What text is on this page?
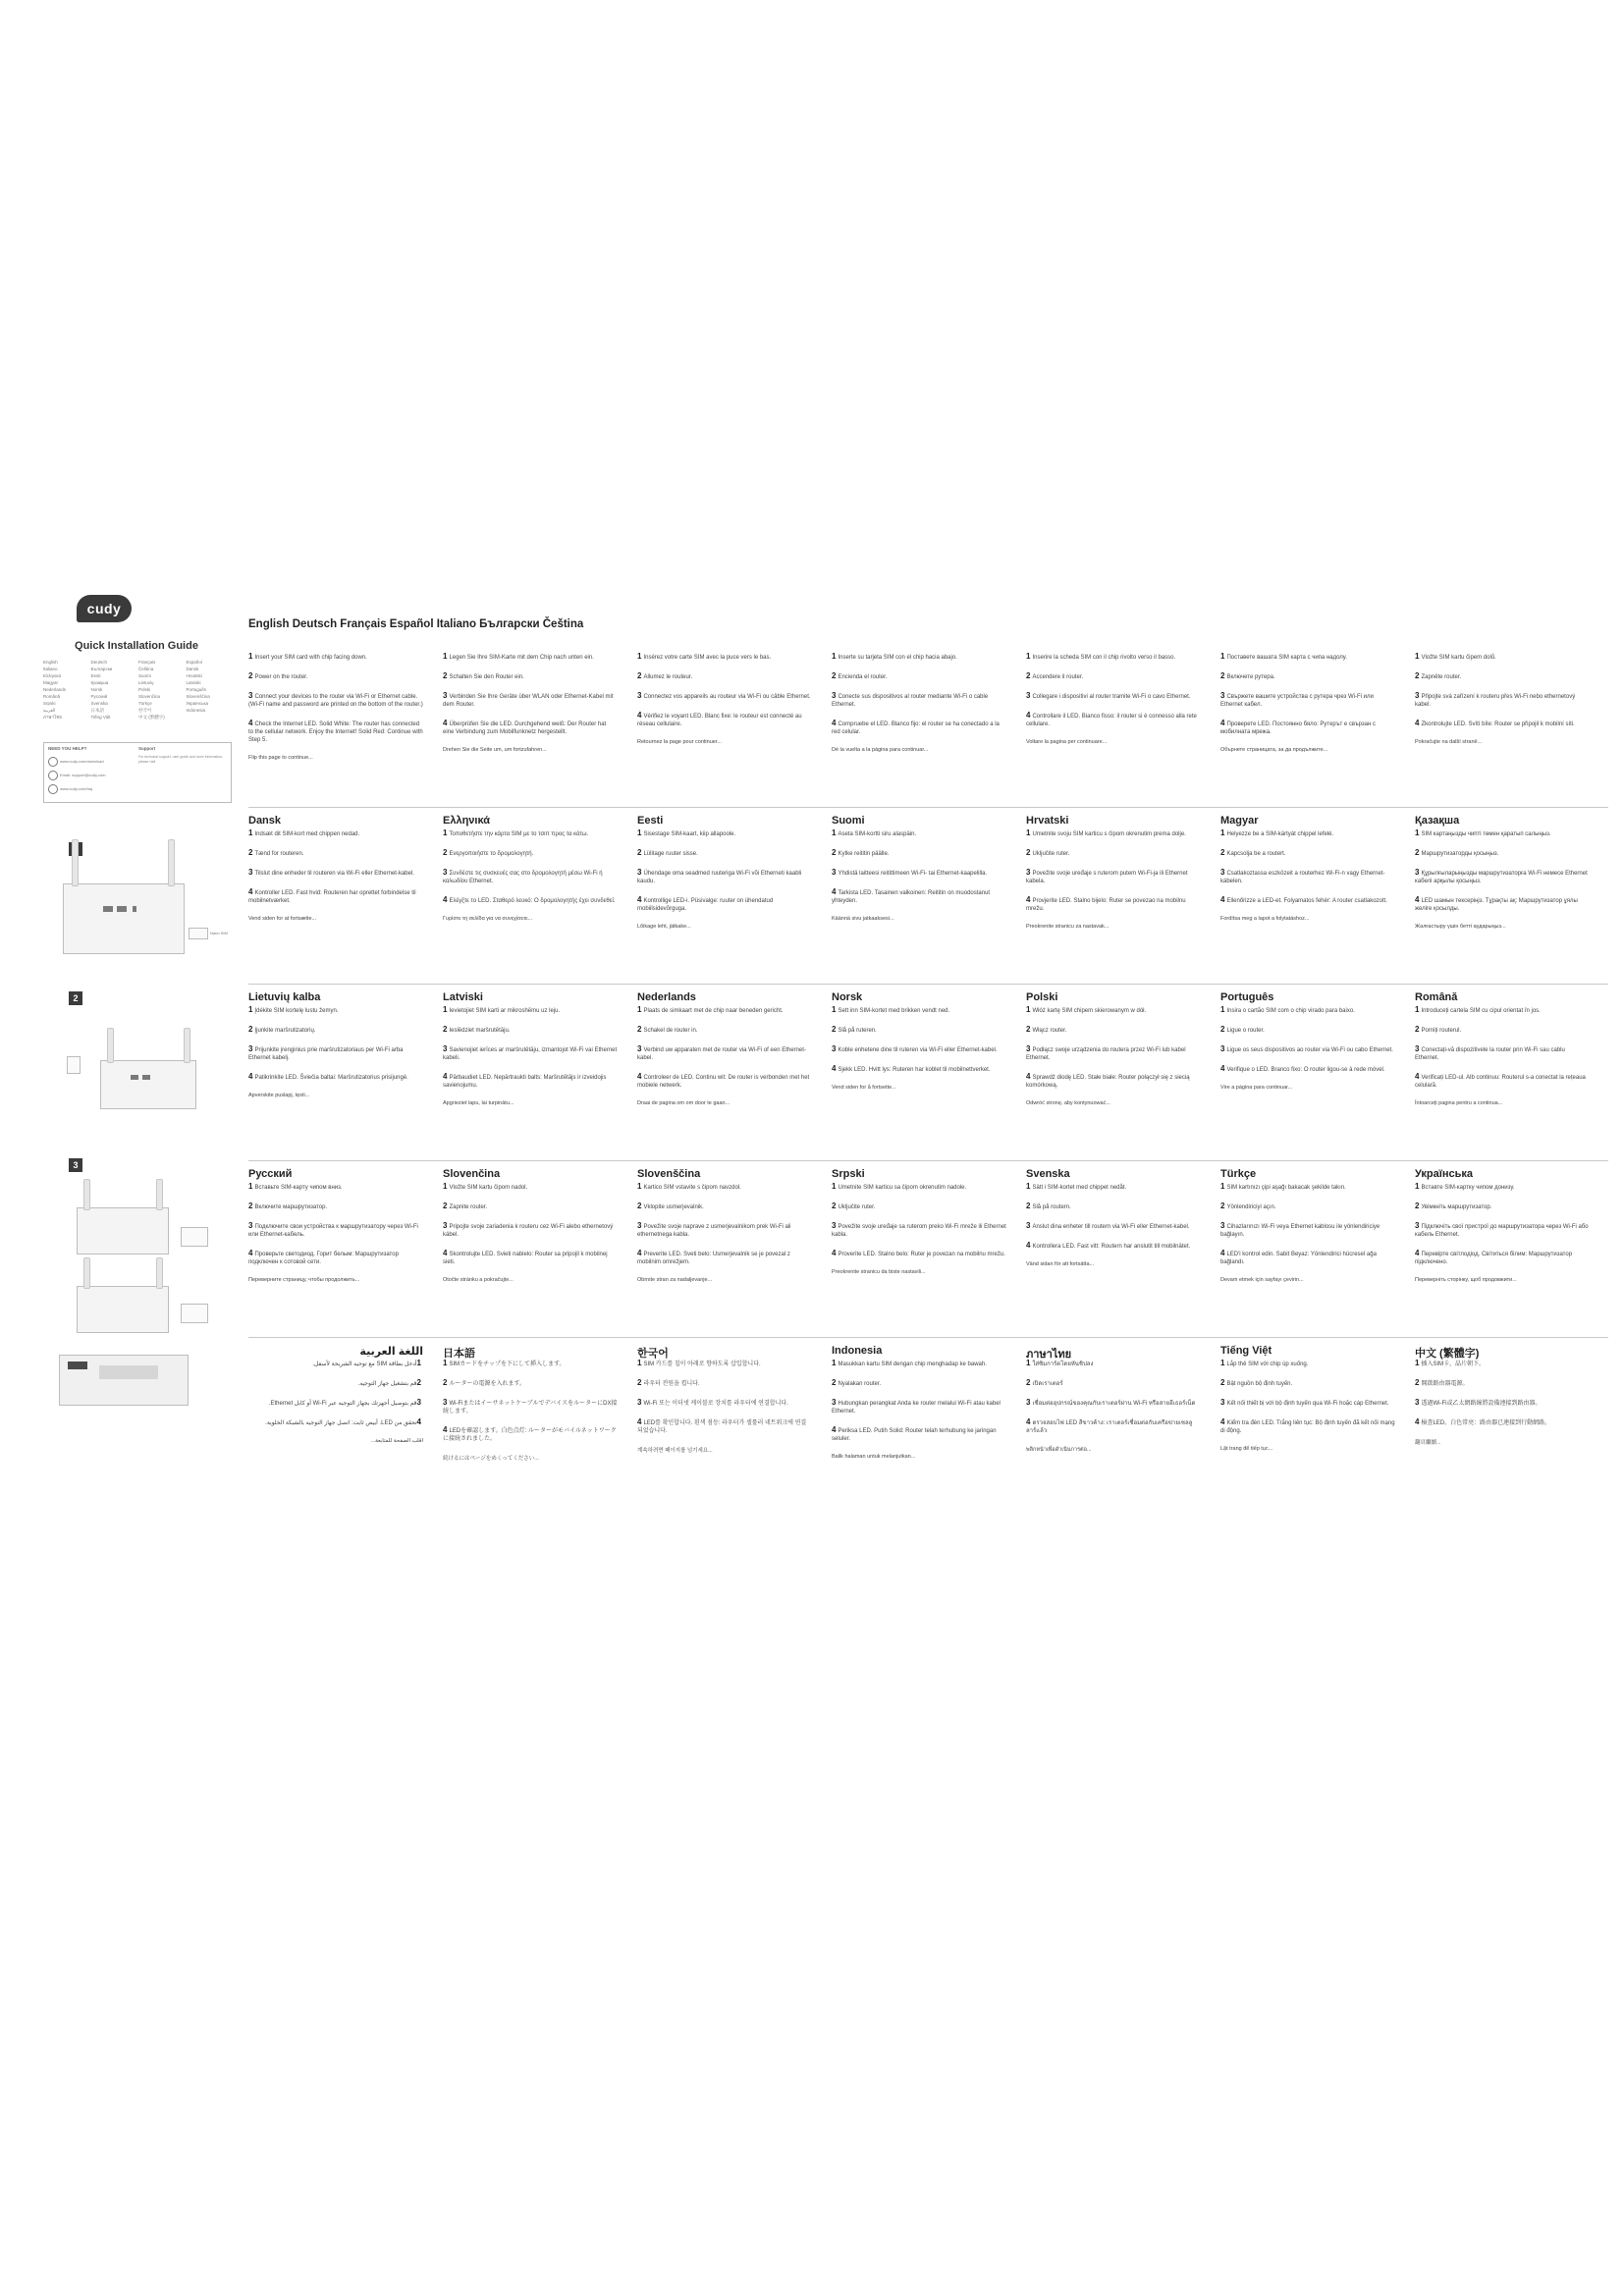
cudy
Quick Installation Guide
English	Deutsch	Français	Español
Italiano	Български	Čeština	Dansk
Ελληνικά	Eesti	Suomi	Hrvatski
Magyar	Қазақша	Lietuvių	Latviski
Nederlands	Norsk	Polski	Português
Română	Русский	Slovenčina	Slovenščina
Srpski	Svenska	Türkçe	Українська
العربية	日本語	한국어	Indonesia
ภาษาไทย	Tiếng Việt	中文 (繁體字)
NEED YOU HELP?	Support
www.cudy.com/download
Email: support@cudy.com
www.cudy.com/faq
For technical support, user guide and more information, please visit
Nano SIM
2
3
English Deutsch Français Español Italiano Български Čeština
1 Insert your SIM card with chip facing down.
2 Power on the router.
3 Connect your devices to the router via Wi-Fi or Ethernet cable. (Wi-Fi name and password are printed on the bottom of the router.)
4 Check the Internet LED. Solid White: The router has connected to the cellular network. Enjoy the Internet! Solid Red: Continue with Step 5.
Flip this page to continue...
1 Legen Sie Ihre SIM-Karte mit dem Chip nach unten ein.
2 Schalten Sie den Router ein.
3 Verbinden Sie Ihre Geräte über WLAN oder Ethernet-Kabel mit dem Router.
4 Überprüfen Sie die LED. Durchgehend weiß: Der Router hat eine Verbindung zum Mobilfunknetz hergestellt.
Drehen Sie die Seite um, um fortzufahren...
1 Insérez votre carte SIM avec la puce vers le bas.
2 Allumez le routeur.
3 Connectez vos appareils au routeur via Wi-Fi ou câble Ethernet.
4 Vérifiez le voyant LED. Blanc fixe: le routeur est connecté au réseau cellulaire.
Retournez la page pour continuer...
1 Inserte su tarjeta SIM con el chip hacia abajo.
2 Encienda el router.
3 Conecte sus dispositivos al router mediante Wi-Fi o cable Ethernet.
4 Compruebe el LED. Blanco fijo: el router se ha conectado a la red celular.
Dé la vuelta a la página para continuar...
1 Inserire la scheda SIM con il chip rivolto verso il basso.
2 Accendere il router.
3 Collegare i dispositivi al router tramite Wi-Fi o cavo Ethernet.
4 Controllare il LED. Bianco fisso: il router si è connesso alla rete cellulare.
Voltare la pagina per continuare...
1 Поставете вашата SIM карта с чипа надолу.
2 Включете рутера.
3 Свържете вашите устройства с рутера чрез Wi-Fi или Ethernet кабел.
4 Проверете LED. Постоянно бяло: Рутерът е свързан с мобилната мрежа.
Обърнете страницата, за да продължите...
1 Vložte SIM kartu čipem dolů.
2 Zapněte router.
3 Připojte svá zařízení k routeru přes Wi-Fi nebo ethernetový kabel.
4 Zkontrolujte LED. Svítí bíle: Router se připojil k mobilní síti.
Pokračujte na další straně...
Dansk
1 Indsæt dit SIM-kort med chippen nedad.
2 Tænd for routeren.
3 Tilslut dine enheder til routeren via Wi-Fi eller Ethernet-kabel.
4 Kontroller LED. Fast hvid: Routeren har oprettet forbindelse til mobilnetværket.
Vend siden for at fortsætte...
Ελληνικά
1 Τοποθετήστε την κάρτα SIM με το τσιπ προς τα κάτω.
2 Ενεργοποιήστε το δρομολογητή.
3 Συνδέστε τις συσκευές σας στο δρομολογητή μέσω Wi-Fi ή καλωδίου Ethernet.
4 Ελέγξτε το LED. Σταθερό λευκό: Ο δρομολογητής έχει συνδεθεί.
Γυρίστε τη σελίδα για να συνεχίσετε...
Eesti
1 Sisestage SIM-kaart, kiip allapoole.
2 Lülitage ruuter sisse.
3 Ühendage oma seadmed ruuteriga Wi-Fi või Etherneti kaabli kaudu.
4 Kontrollige LED-i. Püsivalge: ruuter on ühendatud mobiilsidevõrguga.
Lõikage leht, jätkake...
Suomi
1 Aseta SIM-kortti siru alaspäin.
2 Kytke reititin päälle.
3 Yhdistä laitteesi reitittimeen Wi-Fi- tai Ethernet-kaapelilla.
4 Tarkista LED. Tasainen valkoinen: Reititin on muodostanut yhteyden.
Käännä sivu jatkaaksesi...
Hrvatski
1 Umetnite svoju SIM karticu s čipom okrenutim prema dolje.
2 Uključite ruter.
3 Povežite svoje uređaje s ruterom putem Wi-Fi-ja ili Ethernet kabela.
4 Provjerite LED. Stalno bijelo: Ruter se povezao na mobilnu mrežu.
Preokrenite stranicu za nastavak...
Magyar
1 Helyezze be a SIM-kártyát chippel lefelé.
2 Kapcsolja be a routert.
3 Csatlakoztassa eszközeit a routerhez Wi-Fi-n vagy Ethernet-kábelen.
4 Ellenőrizze a LED-et. Folyamatos fehér: A router csatlakozott.
Fordítsa meg a lapot a folytatáshoz...
Қазақша
1 SIM картаңызды чипті төмен қаратып салыңыз.
2 Маршрутизаторды қосыңыз.
3 Құрылғыларыңызды маршрутизаторға Wi-Fi немесе Ethernet кабелі арқылы қосыңыз.
4 LED шамын тексеріңіз. Тұрақты ақ: Маршрутизатор ұялы желіге қосылды.
Жалғастыру үшін бетті аударыңыз...
Lietuvių kalba
1 Įdėkite SIM kortelę lustu žemyn.
2 Įjunkite maršrutizatorių.
3 Prijunkite įrenginius prie maršrutizatoriaus per Wi-Fi arba Ethernet kabelį.
4 Patikrinkite LED. Šviečia baltai: Maršrutizatorius prisijungė.
Apverskite puslapį, tęsti...
Latviski
1 Ievietojiet SIM karti ar mikroshēmu uz leju.
2 Ieslēdziet maršrutētāju.
3 Savienojiet ierīces ar maršrutētāju, izmantojot Wi-Fi vai Ethernet kabeli.
4 Pārbaudiet LED. Nepārtraukti balts: Maršrutētājs ir izveidojis savienojumu.
Apgrieziet lapu, lai turpinātu...
Nederlands
1 Plaats de simkaart met de chip naar beneden gericht.
2 Schakel de router in.
3 Verbind uw apparaten met de router via Wi-Fi of een Ethernet-kabel.
4 Controleer de LED. Continu wit: De router is verbonden met het mobiele netwerk.
Draai de pagina om om door te gaan...
Norsk
1 Sett inn SIM-kortet med brikken vendt ned.
2 Slå på ruteren.
3 Koble enhetene dine til ruteren via Wi-Fi eller Ethernet-kabel.
4 Sjekk LED. Hvitt lys: Ruteren har koblet til mobilnettverket.
Vend siden for å fortsette...
Polski
1 Włóż kartę SIM chipem skierowanym w dół.
2 Włącz router.
3 Podłącz swoje urządzenia do routera przez Wi-Fi lub kabel Ethernet.
4 Sprawdź diodę LED. Stałe białe: Router połączył się z siecią komórkową.
Odwróć stronę, aby kontynuować...
Português
1 Insira o cartão SIM com o chip virado para baixo.
2 Ligue o router.
3 Ligue os seus dispositivos ao router via Wi-Fi ou cabo Ethernet.
4 Verifique o LED. Branco fixo: O router ligou-se à rede móvel.
Vire a página para continuar...
Română
1 Introduceți cartela SIM cu cipul orientat în jos.
2 Porniți routerul.
3 Conectați-vă dispozitivele la router prin Wi-Fi sau cablu Ethernet.
4 Verificați LED-ul. Alb continuu: Routerul s-a conectat la rețeaua celulară.
Întoarceți pagina pentru a continua...
Русский
1 Вставьте SIM-карту чипом вниз.
2 Включите маршрутизатор.
3 Подключите свои устройства к маршрутизатору через Wi-Fi или Ethernet-кабель.
4 Проверьте светодиод. Горит белым: Маршрутизатор подключен к сотовой сети.
Переверните страницу, чтобы продолжить...
Slovenčina
1 Vložte SIM kartu čipom nadol.
2 Zapnite router.
3 Pripojte svoje zariadenia k routeru cez Wi-Fi alebo ethernetový kábel.
4 Skontrolujte LED. Svieti nabielo: Router sa pripojil k mobilnej sieti.
Otočte stránku a pokračujte...
Slovenščina
1 Kartico SIM vstavite s čipom navzdol.
2 Vklopite usmerjevalnik.
3 Povežite svoje naprave z usmerjevalnikom prek Wi-Fi ali ethernetnega kabla.
4 Preverite LED. Sveti belo: Usmerjevalnik se je povezal z mobilnim omrežjem.
Obrnite stran za nadaljevanje...
Srpski
1 Umetnite SIM karticu sa čipom okrenutim nadole.
2 Uključite ruter.
3 Povežite svoje uređaje sa ruterom preko Wi-Fi mreže ili Ethernet kabla.
4 Proverite LED. Stalno belo: Ruter je povezan na mobilnu mrežu.
Preokrenite stranicu da biste nastavili...
Svenska
1 Sätt i SIM-kortet med chippet nedåt.
2 Slå på routern.
3 Anslut dina enheter till routern via Wi-Fi eller Ethernet-kabel.
4 Kontrollera LED. Fast vitt: Routern har anslutit till mobilnätet.
Vänd sidan för att fortsätta...
Türkçe
1 SIM kartınızı çipi aşağı bakacak şekilde takın.
2 Yönlendiriciyi açın.
3 Cihazlarınızı Wi-Fi veya Ethernet kablosu ile yönlendiriciye bağlayın.
4 LED'i kontrol edin. Sabit Beyaz: Yönlendirici hücresel ağa bağlandı.
Devam etmek için sayfayı çevirin...
Українська
1 Вставте SIM-картку чипом донизу.
2 Увімкніть маршрутизатор.
3 Підключіть свої пристрої до маршрутизатора через Wi-Fi або кабель Ethernet.
4 Перевірте світлодіод. Світиться білим: Маршрутизатор підключено.
Переверніть сторінку, щоб продовжити...
اللغة العربية
1أدخل بطاقة SIM مع توجيه الشريحة لأسفل.
2قم بتشغيل جهاز التوجيه.
3قم بتوصيل أجهزتك بجهاز التوجيه عبر Wi-Fi أو كابل Ethernet.
4تحقق من LED. أبيض ثابت: اتصل جهاز التوجيه بالشبكة الخلوية.
اقلب الصفحة للمتابعة...
日本語
1 SIMカードをチップを下にして挿入します。
2 ルーターの電源を入れます。
3 Wi-FiまたはイーサネットケーブルでデバイスをルーターにDX接続します。
4 LEDを確認します。白色点灯: ルーターがモバイルネットワークに接続されました。
続けるにはページをめくってください...
한국어
1 SIM 카드를 칩이 아래로 향하도록 삽입합니다.
2 라우터 전원을 켭니다.
3 Wi-Fi 또는 이더넷 케이블로 장치를 라우터에 연결합니다.
4 LED를 확인합니다. 흰색 점등: 라우터가 셀룰러 네트워크에 연결되었습니다.
계속하려면 페이지를 넘기세요...
Indonesia
1 Masukkan kartu SIM dengan chip menghadap ke bawah.
2 Nyalakan router.
3 Hubungkan perangkat Anda ke router melalui Wi-Fi atau kabel Ethernet.
4 Periksa LED. Putih Solid: Router telah terhubung ke jaringan seluler.
Balik halaman untuk melanjutkan...
ภาษาไทย
1 ใส่ซิมการ์ดโดยหันชิปลง
2 เปิดเราเตอร์
3 เชื่อมต่ออุปกรณ์ของคุณกับเราเตอร์ผ่าน Wi-Fi หรือสายอีเธอร์เน็ต
4 ตรวจสอบไฟ LED สีขาวค้าง: เราเตอร์เชื่อมต่อกับเครือข่ายเซลลูลาร์แล้ว
พลิกหน้าเพื่อดำเนินการต่อ...
Tiếng Việt
1 Lắp thẻ SIM với chip úp xuống.
2 Bật nguồn bộ định tuyến.
3 Kết nối thiết bị với bộ định tuyến qua Wi-Fi hoặc cáp Ethernet.
4 Kiểm tra đèn LED. Trắng liên tục: Bộ định tuyến đã kết nối mạng di động.
Lật trang để tiếp tục...
中文 (繁體字)
1 插入SIM卡，晶片朝下。
2 開啟路由器電源。
3 透過Wi-Fi或乙太網路線將設備連接到路由器。
4 檢查LED。白色常亮：路由器已連接到行動網路。
翻頁繼續...
